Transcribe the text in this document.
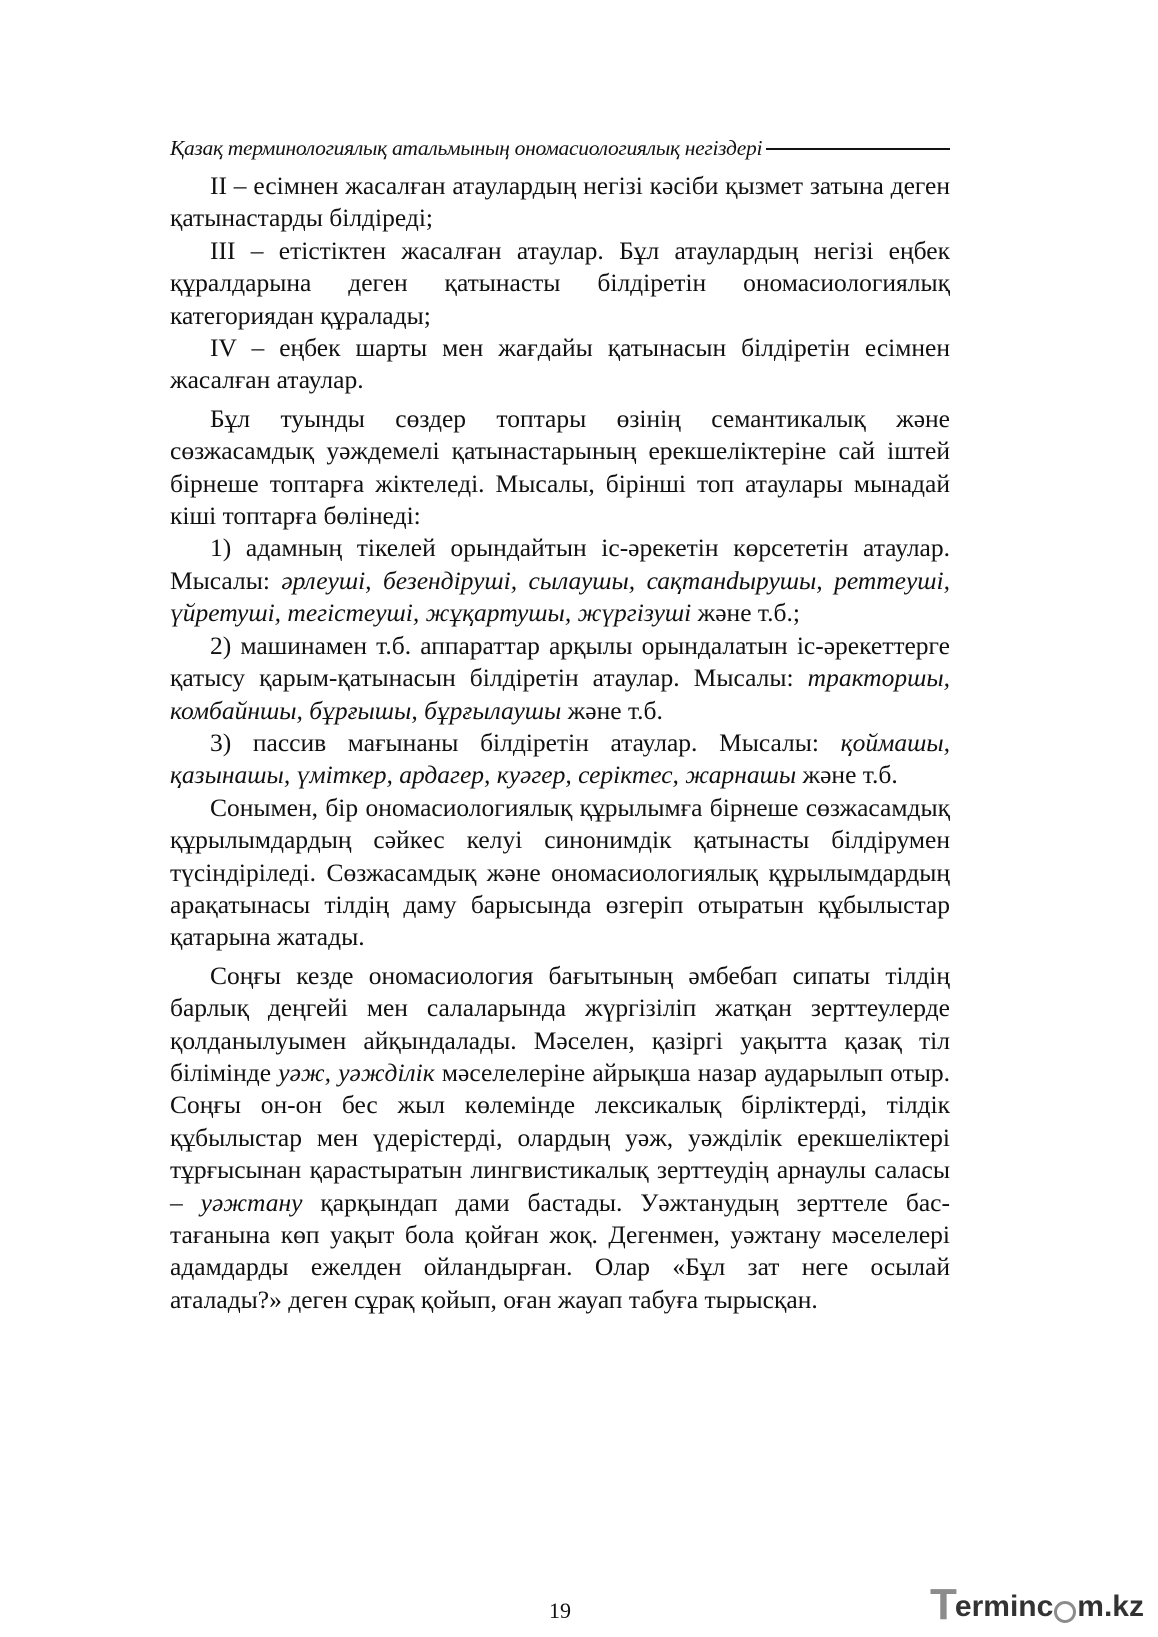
Қазақ терминологиялық атальмының ономасиологиялық негіздері

II – есімнен жасалған атаулардың негізі кәсіби қызмет затына деген қатынастарды білдіреді;

III – етістіктен жасалған атаулар. Бұл атаулардың негізі еңбек құралдарына деген қатынасты білдіретін ономасиологиялық категориядан құралады;

IV – еңбек шарты мен жағдайы қатынасын білдіретін есімнен жасалған атаулар.

Бұл туынды сөздер топтары өзінің семантикалық және сөзжасамдық уәждемелі қатынастарының ерекшеліктеріне сай іштей бірнеше топтарға жіктеледі. Мысалы, бірінші топ атаулары мынадай кіші топтарға бөлінеді:

1) адамның тікелей орындайтын іс-әрекетін көрсететін атаулар. Мысалы: әрлеуші, безендіруші, сылаушы, сақтанdырушы, реттеуші, үйретуші, тегістеуші, жұқартушы, жүргізуші және т.б.;

2) машинамен т.б. аппараттар арқылы орындалатын іс-әрекеттерге қатысу қарым-қатынасын білдіретін атаулар. Мысалы: тракторшы, комбайншы, бұрғышы, бұрғылаушы және т.б.

3) пассив мағынаны білдіретін атаулар. Мысалы: қоймашы, қазынашы, үміткер, ардагер, куәгер, серіктес, жарнашы және т.б.

Сонымен, бір ономасиологиялық құрылымға бірнеше сөзжасамдық құрылымдардың сәйкес келуі синонимдік қатынасты білдірумен түсіндіріледі. Сөзжасамдық және ономасиологиялық құрылымдардың арақатынасы тілдің даму барысында өзгеріп отыратын құбылыстар қатарына жатады.

Соңғы кезде ономасиология бағытының әмбебап сипаты тілдің барлық деңгейі мен салаларында жүргізіліп жатқан зерттеулерде қолданылуымен айқындалады. Мәселен, қазіргі уақытта қазақ тіл білімінде уәж, уәжділік мәселелеріне айрықша назар аударылып отыр. Соңғы он-он бес жыл көлемінде лексикалық бірліктерді, тілдік құбылыстар мен үдерістерді, олардың уәж, уәжділік ерекшеліктері тұрғысынан қарастыратын лингвистикалық зерттеудің арнаулы саласы – уәжтану қарқындап дами бастады. Уәжтанудың зерттеле бастағанына көп уақыт бола қойған жоқ. Дегенмен, уәжтану мәселелері адамдарды ежелден ойландырған. Олар «Бұл зат неге осылай аталады?» деген сұрақ қойып, оған жауап табуға тырысқан.

19	T
erminc m.kz
